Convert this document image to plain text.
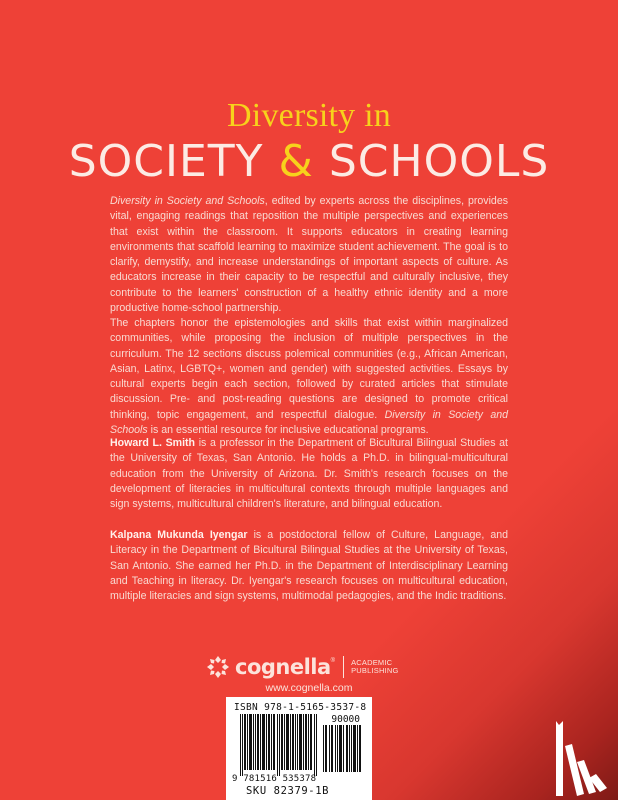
Diversity in
SOCIETY & SCHOOLS

Diversity in Society and Schools, edited by experts across the disciplines, provides vital, engaging readings that reposition the multiple perspectives and experiences that exist within the classroom. It supports educators in creating learning environments that scaffold learning to maximize student achievement. The goal is to clarify, demystify, and increase understandings of important aspects of culture. As educators increase in their capacity to be respectful and culturally inclusive, they contribute to the learners' construction of a healthy ethnic identity and a more productive home-school partnership.

The chapters honor the epistemologies and skills that exist within marginalized communities, while proposing the inclusion of multiple perspectives in the curriculum. The 12 sections discuss polemical communities (e.g., African American, Asian, Latinx, LGBTQ+, women and gender) with suggested activities. Essays by cultural experts begin each section, followed by curated articles that stimulate discussion. Pre- and post-reading questions are designed to promote critical thinking, topic engagement, and respectful dialogue. Diversity in Society and Schools is an essential resource for inclusive educational programs.

Howard L. Smith is a professor in the Department of Bicultural Bilingual Studies at the University of Texas, San Antonio. He holds a Ph.D. in bilingual-multicultural education from the University of Arizona. Dr. Smith's research focuses on the development of literacies in multicultural contexts through multiple languages and sign systems, multicultural children's literature, and bilingual education.

Kalpana Mukunda Iyengar is a postdoctoral fellow of Culture, Language, and Literacy in the Department of Bicultural Bilingual Studies at the University of Texas, San Antonio. She earned her Ph.D. in the Department of Interdisciplinary Learning and Teaching in literacy. Dr. Iyengar's research focuses on multicultural education, multiple literacies and sign systems, multimodal pedagogies, and the Indic traditions.

cognella ® ACADEMIC
PUBLISHING
www.cognella.com
ISBN 978-1-5165-3537-8
90000
9 781516 535378
SKU 82379-1B
